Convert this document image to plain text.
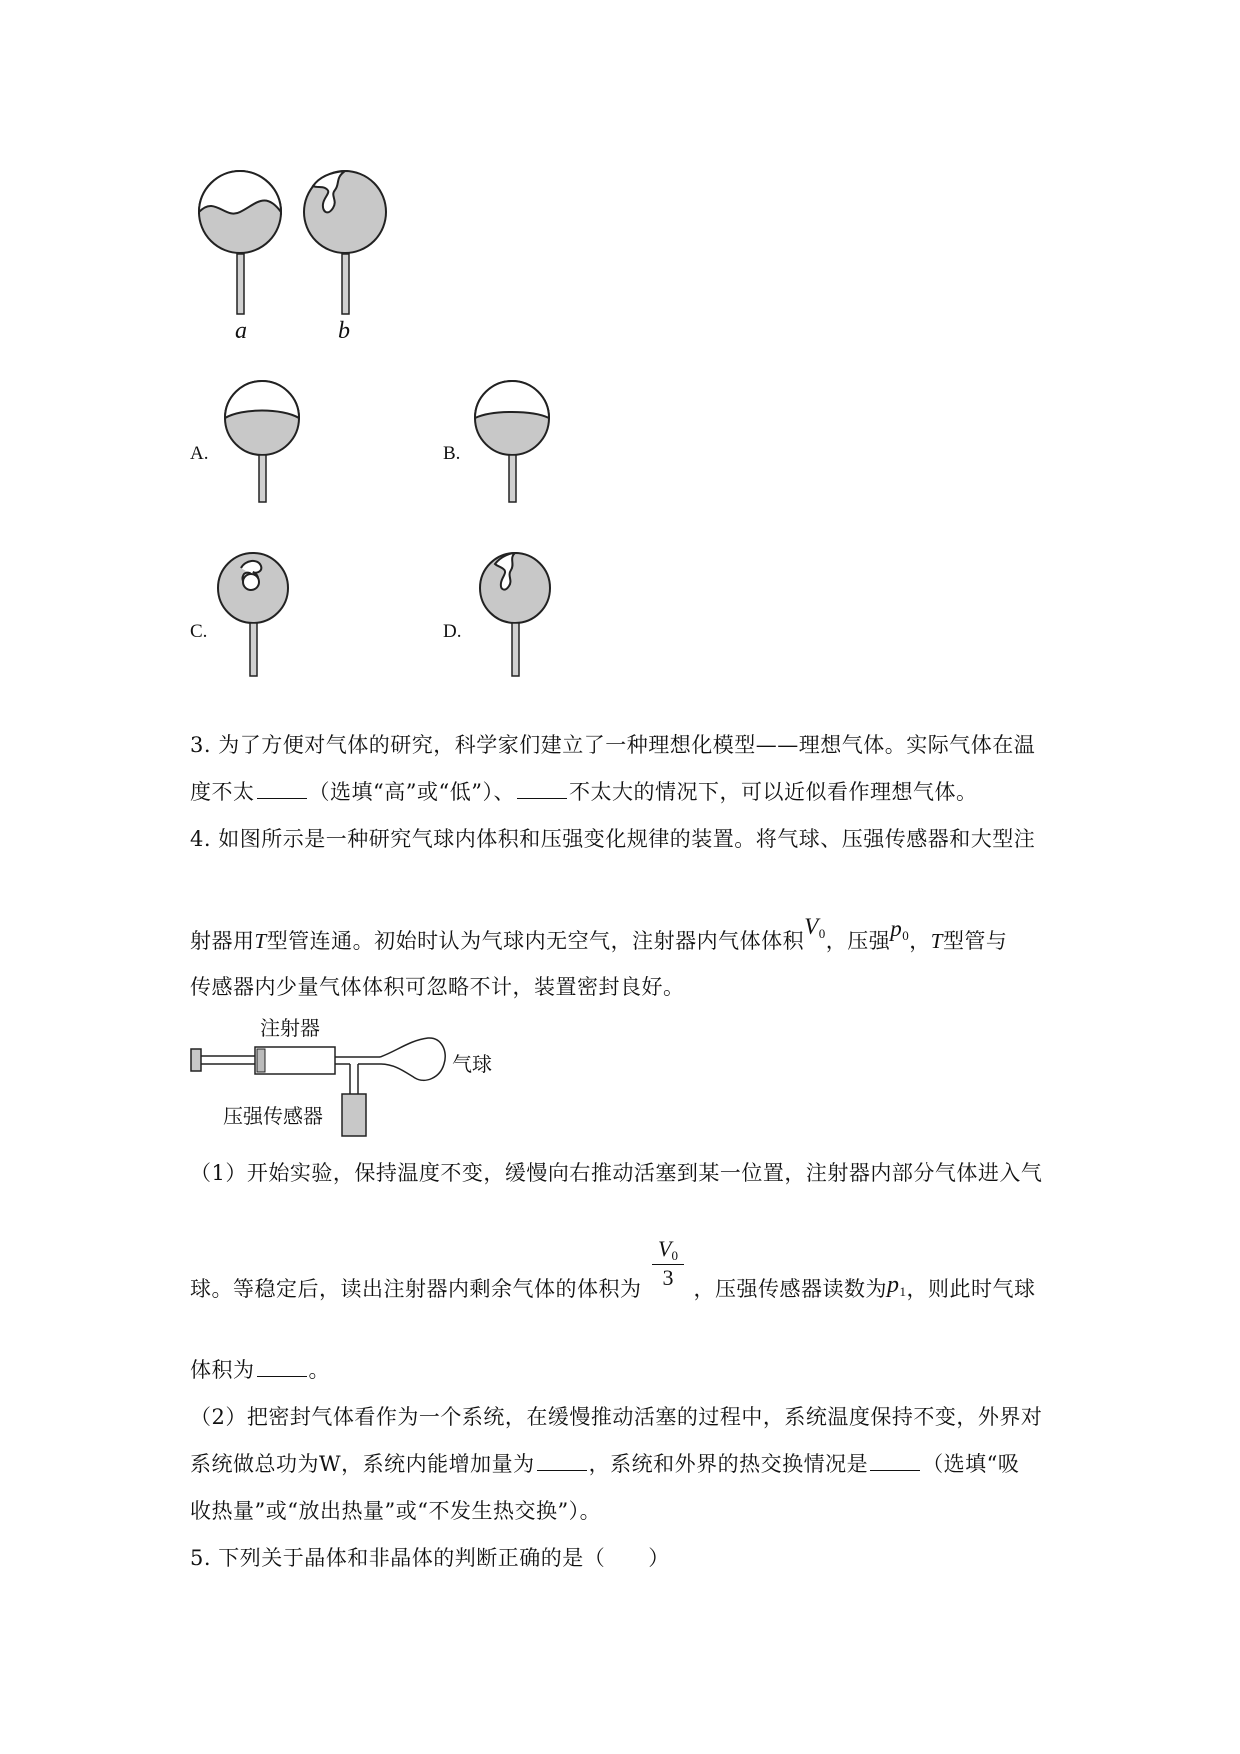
a	b
A.	B.
C.	D.
3. 为了方便对气体的研究，科学家们建立了一种理想化模型——理想气体。实际气体在温
度不太	（选填“高”或“低”）、	不太大的情况下，可以近似看作理想气体。
4. 如图所示是一种研究气球内体积和压强变化规律的装置。将气球、压强传感器和大型注
射器用T型管连通。初始时认为气球内无空气，注射器内气体体积$V_0$，压强$p_0$，T型管与
传感器内少量气体体积可忽略不计，装置密封良好。
注射器
气球
压强传感器
（1）开始实验，保持温度不变，缓慢向右推动活塞到某一位置，注射器内部分气体进入气
$V_0$
3
球。等稳定后，读出注射器内剩余气体的体积为 ，压强传感器读数为$p_1$，则此时气球
体积为	。
（2）把密封气体看作为一个系统，在缓慢推动活塞的过程中，系统温度保持不变，外界对
系统做总功为W，系统内能增加量为	，系统和外界的热交换情况是	（选填“吸
收热量”或“放出热量”或“不发生热交换”）。
5. 下列关于晶体和非晶体的判断正确的是（　　）
